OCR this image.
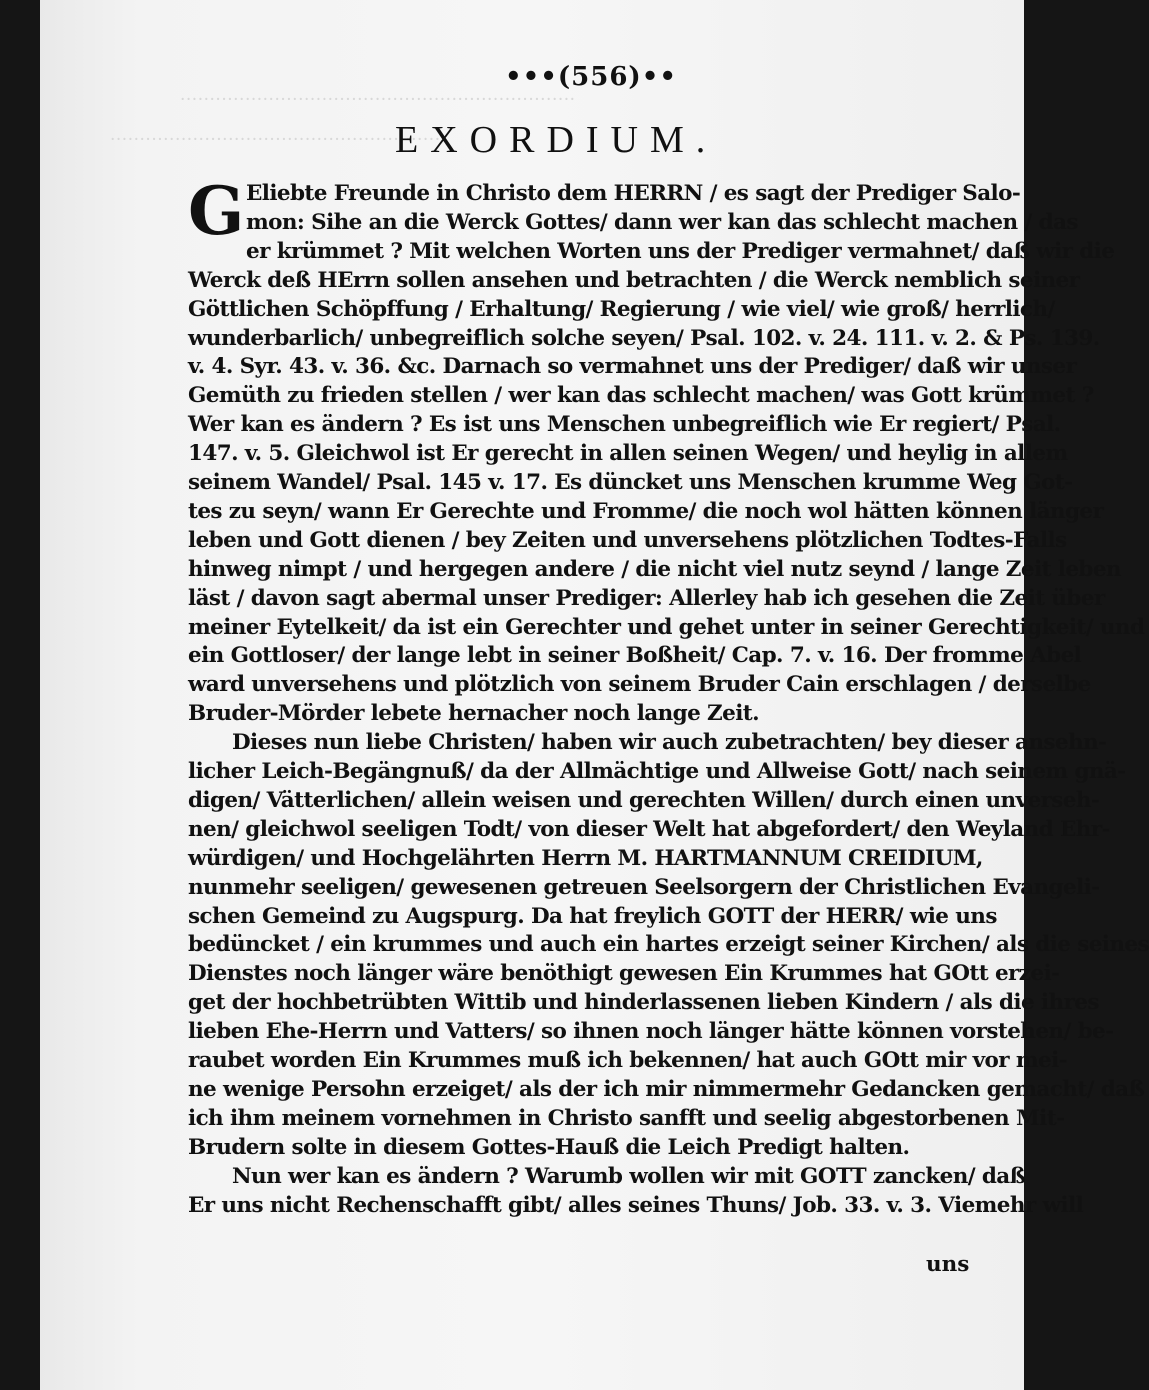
···································································
·························································
•••(556)••
EXORDIUM.
G Eliebte Freunde in Christo dem HERRN / es sagt der Prediger Salo-
mon: Sihe an die Werck Gottes/ dann wer kan das schlecht machen / das
er krümmet ? Mit welchen Worten uns der Prediger vermahnet/ daß wir die
Werck deß HErrn sollen ansehen und betrachten / die Werck nemblich seiner
Göttlichen Schöpffung / Erhaltung/ Regierung / wie viel/ wie groß/ herrlich/
wunderbarlich/ unbegreiflich solche seyen/ Psal. 102. v. 24. 111. v. 2. & Ps. 139.
v. 4. Syr. 43. v. 36. &c. Darnach so vermahnet uns der Prediger/ daß wir unser
Gemüth zu frieden stellen / wer kan das schlecht machen/ was Gott krümmet ?
Wer kan es ändern ? Es ist uns Menschen unbegreiflich wie Er regiert/ Psal.
147. v. 5. Gleichwol ist Er gerecht in allen seinen Wegen/ und heylig in allem
seinem Wandel/ Psal. 145 v. 17. Es düncket uns Menschen krumme Weg Got-
tes zu seyn/ wann Er Gerechte und Fromme/ die noch wol hätten können länger
leben und Gott dienen / bey Zeiten und unversehens plötzlichen Todtes-Falls
hinweg nimpt / und hergegen andere / die nicht viel nutz seynd / lange Zeit leben
läst / davon sagt abermal unser Prediger: Allerley hab ich gesehen die Zeit über
meiner Eytelkeit/ da ist ein Gerechter und gehet unter in seiner Gerechtigkeit/ und
ein Gottloser/ der lange lebt in seiner Boßheit/ Cap. 7. v. 16. Der fromme Abel
ward unversehens und plötzlich von seinem Bruder Cain erschlagen / derselbe
Bruder-Mörder lebete hernacher noch lange Zeit.
Dieses nun liebe Christen/ haben wir auch zubetrachten/ bey dieser ansehn-
licher Leich-Begängnuß/ da der Allmächtige und Allweise Gott/ nach seinem gnä-
digen/ Vätterlichen/ allein weisen und gerechten Willen/ durch einen unverseh-
nen/ gleichwol seeligen Todt/ von dieser Welt hat abgefordert/ den Weyland Ehr-
würdigen/ und Hochgelährten Herrn M. HARTMANNUM CREIDIUM,
nunmehr seeligen/ gewesenen getreuen Seelsorgern der Christlichen Evangeli-
schen Gemeind zu Augspurg. Da hat freylich GOTT der HERR/ wie uns
bedüncket / ein krummes und auch ein hartes erzeigt seiner Kirchen/ als die seines
Dienstes noch länger wäre benöthigt gewesen Ein Krummes hat GOtt erzei-
get der hochbetrübten Wittib und hinderlassenen lieben Kindern / als die ihres
lieben Ehe-Herrn und Vatters/ so ihnen noch länger hätte können vorstehen/ be-
raubet worden Ein Krummes muß ich bekennen/ hat auch GOtt mir vor mei-
ne wenige Persohn erzeiget/ als der ich mir nimmermehr Gedancken gemacht/ daß
ich ihm meinem vornehmen in Christo sanfft und seelig abgestorbenen Mit-
Brudern solte in diesem Gottes-Hauß die Leich Predigt halten.
Nun wer kan es ändern ? Warumb wollen wir mit GOTT zancken/ daß
Er uns nicht Rechenschafft gibt/ alles seines Thuns/ Job. 33. v. 3. Viemehr will
uns
